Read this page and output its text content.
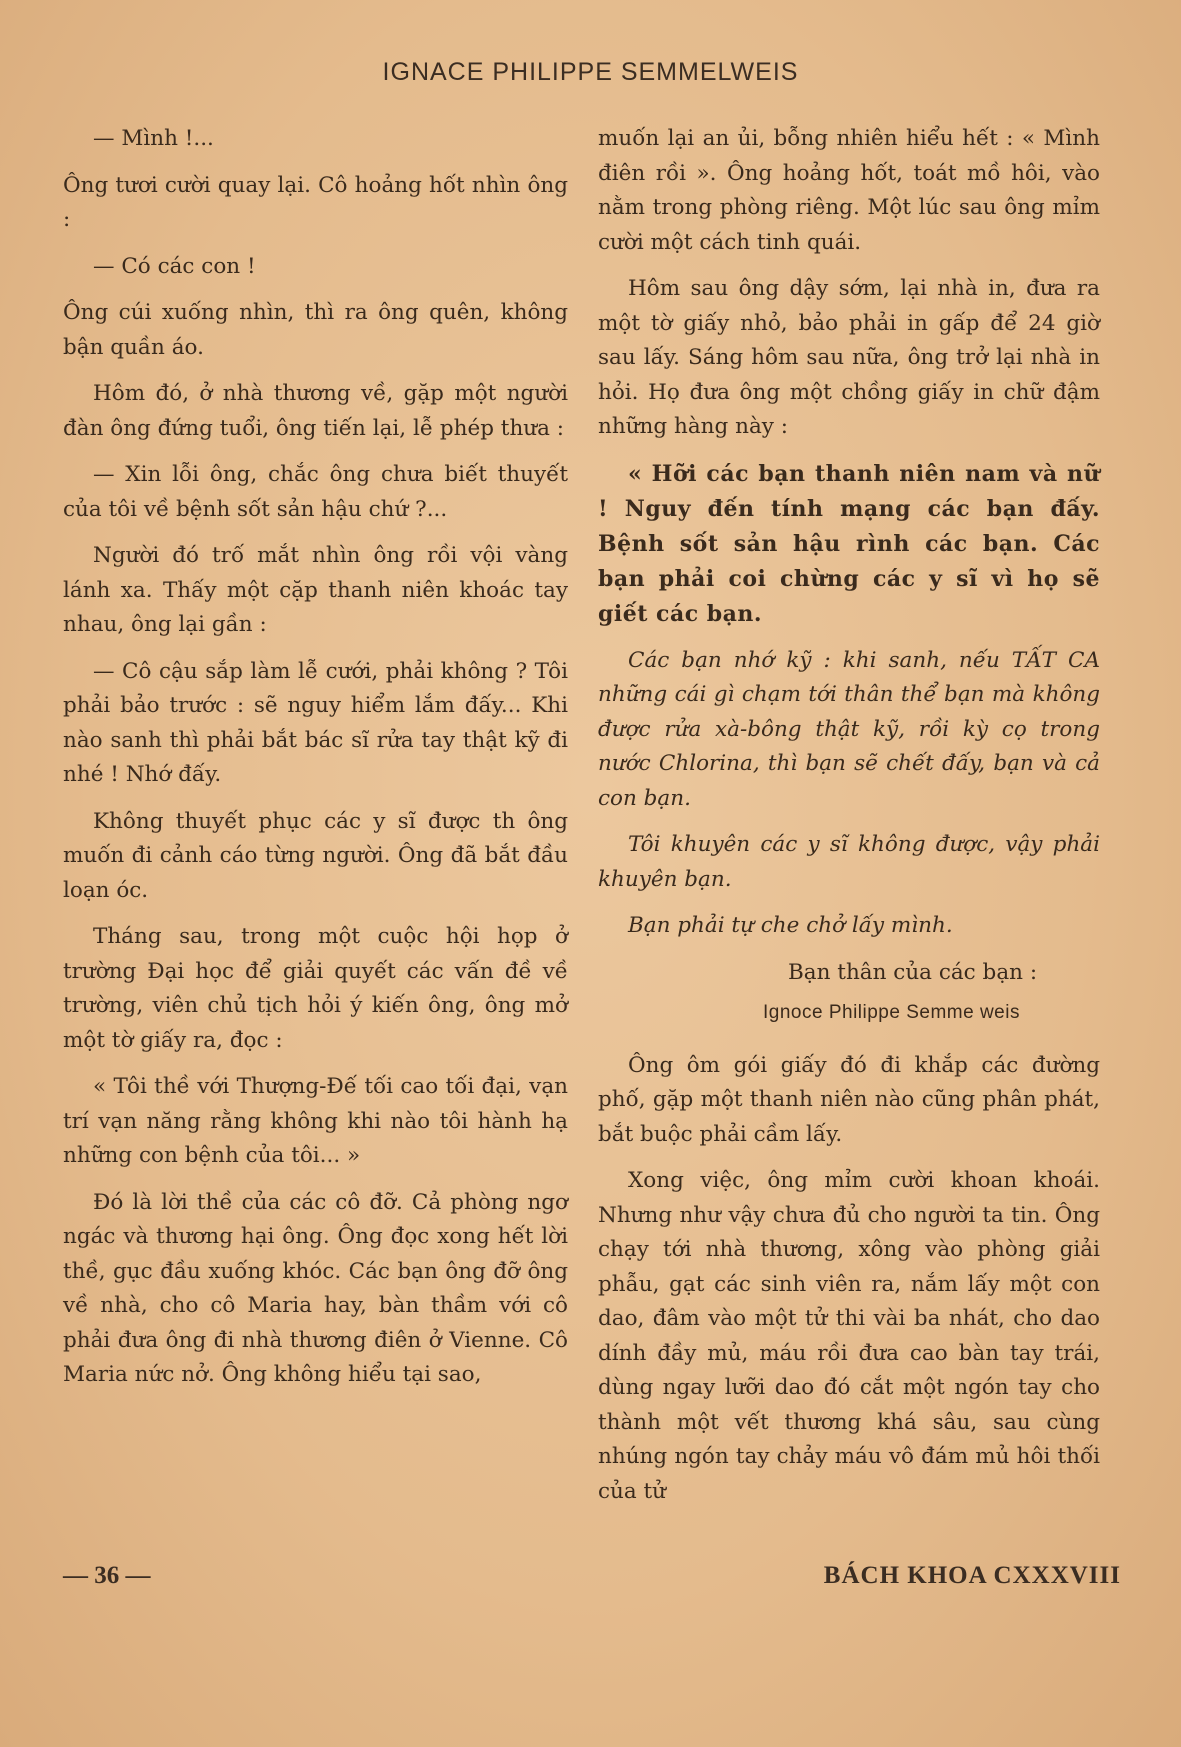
IGNACE PHILIPPE SEMMELWEIS

— Mình !...

Ông tươi cười quay lại. Cô hoảng hốt nhìn ông :

— Có các con !

Ông cúi xuống nhìn, thì ra ông quên, không bận quần áo.

Hôm đó, ở nhà thương về, gặp một người đàn ông đứng tuổi, ông tiến lại, lễ phép thưa :

— Xin lỗi ông, chắc ông chưa biết thuyết của tôi về bệnh sốt sản hậu chứ ?...

Người đó trố mắt nhìn ông rồi vội vàng lánh xa. Thấy một cặp thanh niên khoác tay nhau, ông lại gần :

— Cô cậu sắp làm lễ cưới, phải không ? Tôi phải bảo trước : sẽ nguy hiểm lắm đấy... Khi nào sanh thì phải bắt bác sĩ rửa tay thật kỹ đi nhé ! Nhớ đấy.

Không thuyết phục các y sĩ được th ông muốn đi cảnh cáo từng người. Ông đã bắt đầu loạn óc.

Tháng sau, trong một cuộc hội họp ở trường Đại học để giải quyết các vấn đề về trường, viên chủ tịch hỏi ý kiến ông, ông mở một tờ giấy ra, đọc :

« Tôi thề với Thượng-Đế tối cao tối đại, vạn trí vạn năng rằng không khi nào tôi hành hạ những con bệnh của tôi... »

Đó là lời thề của các cô đỡ. Cả phòng ngơ ngác và thương hại ông. Ông đọc xong hết lời thề, gục đầu xuống khóc. Các bạn ông đỡ ông về nhà, cho cô Maria hay, bàn thầm với cô phải đưa ông đi nhà thương điên ở Vienne. Cô Maria nức nở. Ông không hiểu tại sao,

muốn lại an ủi, bỗng nhiên hiểu hết : « Mình điên rồi ». Ông hoảng hốt, toát mồ hôi, vào nằm trong phòng riêng. Một lúc sau ông mỉm cười một cách tinh quái.

Hôm sau ông dậy sớm, lại nhà in, đưa ra một tờ giấy nhỏ, bảo phải in gấp để 24 giờ sau lấy. Sáng hôm sau nữa, ông trở lại nhà in hỏi. Họ đưa ông một chồng giấy in chữ đậm những hàng này :

« Hỡi các bạn thanh niên nam và nữ ! Nguy đến tính mạng các bạn đấy. Bệnh sốt sản hậu rình các bạn. Các bạn phải coi chừng các y sĩ vì họ sẽ giết các bạn.

Các bạn nhớ kỹ : khi sanh, nếu TẤT CA những cái gì chạm tới thân thể bạn mà không được rửa xà-bông thật kỹ, rồi kỳ cọ trong nước Chlorina, thì bạn sẽ chết đấy, bạn và cả con bạn.

Tôi khuyên các y sĩ không được, vậy phải khuyên bạn.

Bạn phải tự che chở lấy mình.

Bạn thân của các bạn :

Ignoce Philippe Semme weis

Ông ôm gói giấy đó đi khắp các đường phố, gặp một thanh niên nào cũng phân phát, bắt buộc phải cầm lấy.

Xong việc, ông mỉm cười khoan khoái. Nhưng như vậy chưa đủ cho người ta tin. Ông chạy tới nhà thương, xông vào phòng giải phẫu, gạt các sinh viên ra, nắm lấy một con dao, đâm vào một tử thi vài ba nhát, cho dao dính đầy mủ, máu rồi đưa cao bàn tay trái, dùng ngay lưỡi dao đó cắt một ngón tay cho thành một vết thương khá sâu, sau cùng nhúng ngón tay chảy máu vô đám mủ hôi thối của tử

— 36 —	BÁCH KHOA CXXXVIII
